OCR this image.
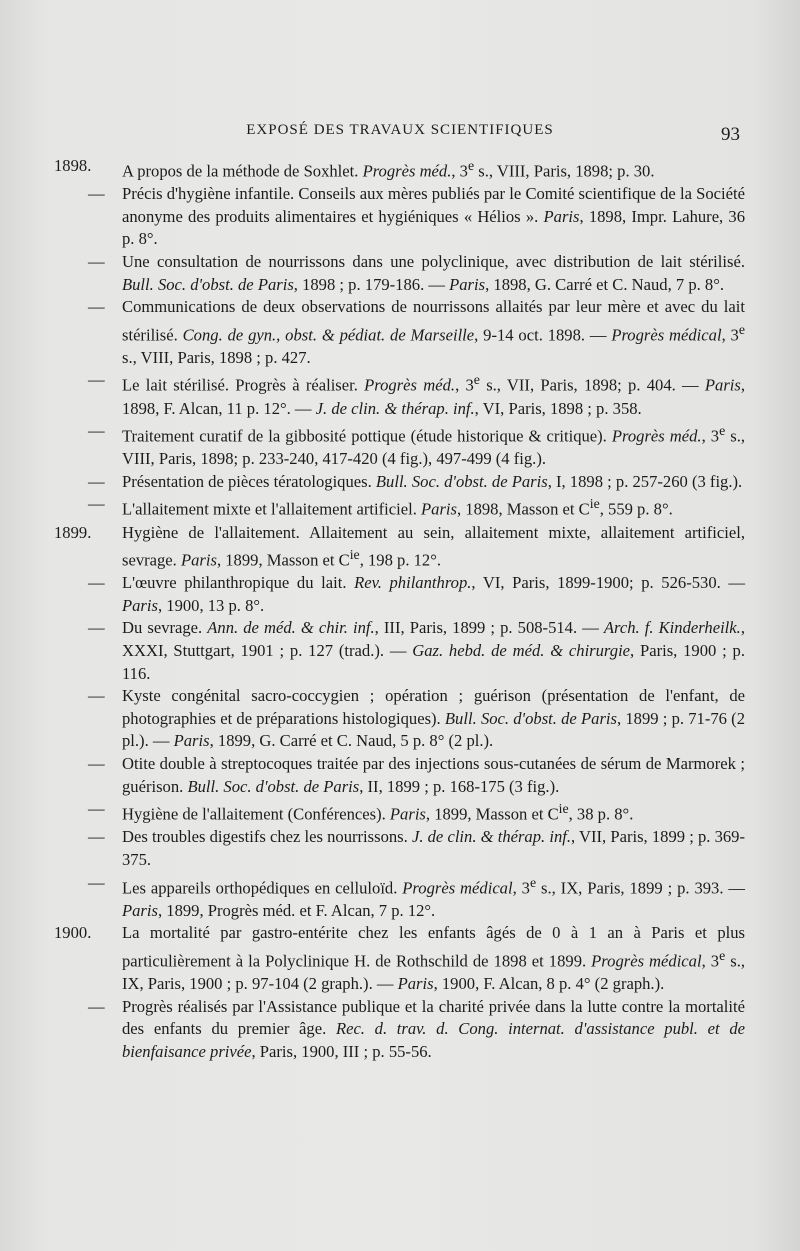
EXPOSÉ DES TRAVAUX SCIENTIFIQUES	93
1898.	A propos de la méthode de Soxhlet. Progrès méd., 3e s., VIII, Paris, 1898; p. 30.
— Précis d'hygiène infantile. Conseils aux mères publiés par le Comité scientifique de la Société anonyme des produits alimentaires et hygiéniques « Hélios ». Paris, 1898, Impr. Lahure, 36 p. 8°.
— Une consultation de nourrissons dans une polyclinique, avec distribution de lait stérilisé. Bull. Soc. d'obst. de Paris, 1898 ; p. 179-186. — Paris, 1898, G. Carré et C. Naud, 7 p. 8°.
— Communications de deux observations de nourrissons allaités par leur mère et avec du lait stérilisé. Cong. de gyn., obst. & pédiat. de Marseille, 9-14 oct. 1898. — Progrès médical, 3e s., VIII, Paris, 1898 ; p. 427.
— Le lait stérilisé. Progrès à réaliser. Progrès méd., 3e s., VII, Paris, 1898; p. 404. — Paris, 1898, F. Alcan, 11 p. 12°. — J. de clin. & thérap. inf., VI, Paris, 1898 ; p. 358.
— Traitement curatif de la gibbosité pottique (étude historique & critique). Progrès méd., 3e s., VIII, Paris, 1898; p. 233-240, 417-420 (4 fig.), 497-499 (4 fig.).
— Présentation de pièces tératologiques. Bull. Soc. d'obst. de Paris, I, 1898 ; p. 257-260 (3 fig.).
— L'allaitement mixte et l'allaitement artificiel. Paris, 1898, Masson et $C^{ie}$, 559 p. 8°.
1899.	Hygiène de l'allaitement. Allaitement au sein, allaitement mixte, allaitement artificiel, sevrage. Paris, 1899, Masson et $C^{ie}$, 198 p. 12°.
— L'œuvre philanthropique du lait. Rev. philanthrop., VI, Paris, 1899-1900; p. 526-530. — Paris, 1900, 13 p. 8°.
— Du sevrage. Ann. de méd. & chir. inf., III, Paris, 1899 ; p. 508-514. — Arch. f. Kinderheilk., XXXI, Stuttgart, 1901 ; p. 127 (trad.). — Gaz. hebd. de méd. & chirurgie, Paris, 1900 ; p. 116.
— Kyste congénital sacro-coccygien ; opération ; guérison (présentation de l'enfant, de photographies et de préparations histologiques). Bull. Soc. d'obst. de Paris, 1899 ; p. 71-76 (2 pl.). — Paris, 1899, G. Carré et C. Naud, 5 p. 8° (2 pl.).
— Otite double à streptocoques traitée par des injections sous-cutanées de sérum de Marmorek ; guérison. Bull. Soc. d'obst. de Paris, II, 1899 ; p. 168-175 (3 fig.).
— Hygiène de l'allaitement (Conférences). Paris, 1899, Masson et $C^{ie}$, 38 p. 8°.
— Des troubles digestifs chez les nourrissons. J. de clin. & thérap. inf., VII, Paris, 1899 ; p. 369-375.
— Les appareils orthopédiques en celluloïd. Progrès médical, 3e s., IX, Paris, 1899 ; p. 393. — Paris, 1899, Progrès méd. et F. Alcan, 7 p. 12°.
1900.	La mortalité par gastro-entérite chez les enfants âgés de 0 à 1 an à Paris et plus particulièrement à la Polyclinique H. de Rothschild de 1898 et 1899. Progrès médical, 3e s., IX, Paris, 1900 ; p. 97-104 (2 graph.). — Paris, 1900, F. Alcan, 8 p. 4° (2 graph.).
— Progrès réalisés par l'Assistance publique et la charité privée dans la lutte contre la mortalité des enfants du premier âge. Rec. d. trav. d. Cong. internat. d'assistance publ. et de bienfaisance privée, Paris, 1900, III ; p. 55-56.
